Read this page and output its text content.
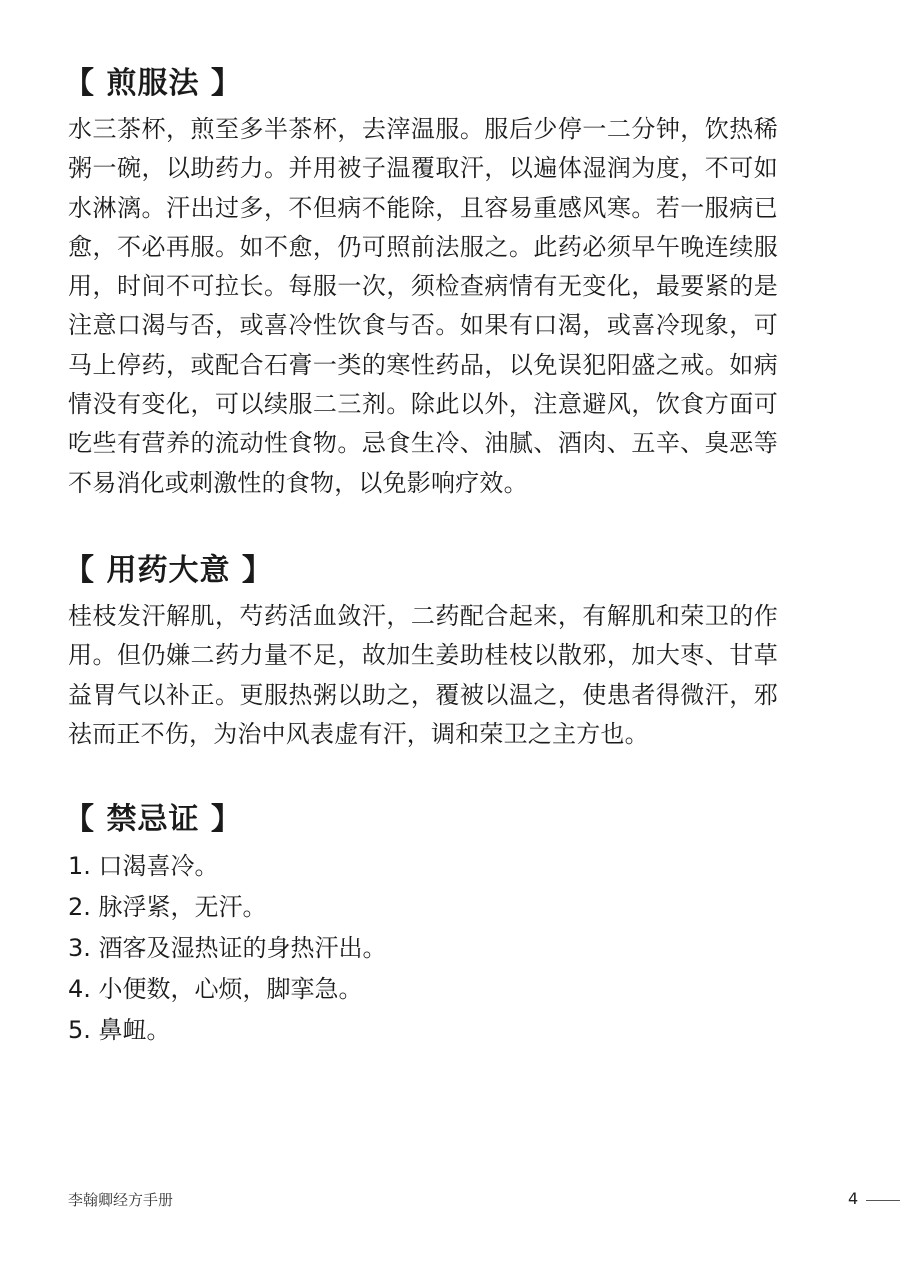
【 煎服法 】

水三茶杯，煎至多半茶杯，去滓温服。服后少停一二分钟，饮热稀粥一碗，以助药力。并用被子温覆取汗，以遍体湿润为度，不可如水淋漓。汗出过多，不但病不能除，且容易重感风寒。若一服病已愈，不必再服。如不愈，仍可照前法服之。此药必须早午晚连续服用，时间不可拉长。每服一次，须检查病情有无变化，最要紧的是注意口渴与否，或喜冷性饮食与否。如果有口渴，或喜冷现象，可马上停药，或配合石膏一类的寒性药品，以免误犯阳盛之戒。如病情没有变化，可以续服二三剂。除此以外，注意避风，饮食方面可吃些有营养的流动性食物。忌食生冷、油腻、酒肉、五辛、臭恶等不易消化或刺激性的食物，以免影响疗效。

【 用药大意 】

桂枝发汗解肌，芍药活血敛汗，二药配合起来，有解肌和荣卫的作用。但仍嫌二药力量不足，故加生姜助桂枝以散邪，加大枣、甘草益胃气以补正。更服热粥以助之，覆被以温之，使患者得微汗，邪祛而正不伤，为治中风表虚有汗，调和荣卫之主方也。

【 禁忌证 】
1. 口渴喜冷。
2. 脉浮紧，无汗。
3. 酒客及湿热证的身热汗出。
4. 小便数，心烦，脚挛急。
5. 鼻衄。
李翰卿经方手册	4
